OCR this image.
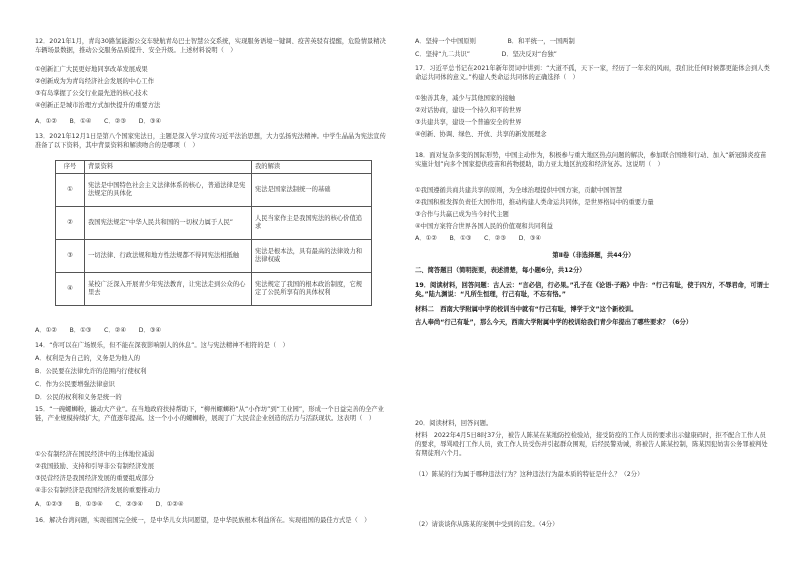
12．2021年1月，青岛30路氢能源公交车驶航青岛巴士智慧公交系统，实现服务语境一键调、疫苦英驳有提醒，危险情景精决车辆场景数据，推动公交服务品质提升、安全升级。上述材料说明（　）
①创新汇广大民更好地同享改革发展成果
②创新成为为青岛经济社会发展的中心工作
③有岛掌握了公交行业最先进的核心技术
④创新正是城市治理方式加快提升的重要方法
A．①②　　B．①④　　C．②③　　D．③④
13．2021年12月1日是第八个国家宪法日，主题是深入学习宣传习近平法治思想，大力弘扬宪法精神。中学生晶晶为宪法宣传准备了以下资料，其中背景资料和解读吻合的是哪项（　）
序号	背景资料	我的解读
①	宪法是中国特色社会主义法律体系的核心，普通法律是宪法规定的具体化	宪法是国家法制统一的基础
②	我国宪法规定“中华人民共和国的一切权力属于人民”	人民当家作主是我国宪法的核心价值追求
③	一切法律、行政法规和地方性法规都不得同宪法相抵触	宪法是根本法，具有最高的法律效力和法律权威
④	某校广泛深入开展青少年宪法教育，让宪法走到公众的心里去	宪法规定了我国的根本政治制度，它规定了公民所享有的具体权利
A．①②　　B．①③　　C．②④　　D．③④
14．“你可以在广场娱乐，但不能在深夜影响别人的休息”。这与宪法精神不相符的是（　）
A．权利是为自己的，义务是为他人的
B．公民要在法律允许的范围内行使权利
C．作为公民要增强法律意识
D．公民的权利和义务是统一的
15．“一碗螺蛳粉，撬动大产业”。在当地政府扶持帮助下，“柳州螺蛳粉”从“小作坊”到“工业园”，形成一个日益完善的全产业链，产业规模持续扩大，产值逐年提高。这一个小小的螺蛳粉，展现了广大民营企业创造的活力与活跃现状。这表明（　）
①公有制经济在国民经济中的主体地位减弱
②我国鼓励、支持和引导非公有制经济发展
③民营经济是我国经济发展的重要组成部分
④非公有制经济是我国经济发展的重要推动力
A．①②③　　B．①③④　　C．②③④　　D．①②④
16．解决台湾问题，实现祖国完全统一，是中华儿女共同愿望，是中华民族根本利益所在。实现祖国的最佳方式是（　）
A．坚持一个中国原则　　　　　B．和平统一，一国两制
C．坚持“九二共识”　　　　　D．坚决反对“台独”
17．习近平总书记在2021年新年贺词中讲到：“大道不孤，天下一家，经历了一年来的风雨，我们比任何时候都更能体会到人类命运共同体的意义。”构建人类命运共同体的正确选择（　）
①独善其身，减少与其他国家的接触
②对话协商，建设一个持久和平的世界
③共建共享，建设一个普遍安全的世界
④创新、协调、绿色、开放、共享的新发展理念
18．面对复杂多变的国际形势，中国主动作为，积极参与重大地区热点问题的解决，参加联合国维和行动、加入“新冠肺炎疫苗实施计划”向多个国家提供疫苗和药物援助，助力亚太地区抗疫和经济复苏。这说明（　）
①我国遵循共商共建共享的原则，为全球治理提供中国方案，贡献中国智慧
②我国积极发挥负责任大国作用，推动构建人类命运共同体，是世界格局中的重要力量
③合作与共赢已成为当今时代主题
④中国方案符合世界各国人民的价值观和共同利益
A．①②　　B．①③　　C．②③　　D．③④
第Ⅱ卷（非选择题，共44分）
二、简答题目（简明扼要，表述清楚，每小题6分，共12分）
19．阅读材料，回答问题：古人云：“言必信，行必果。”孔子在《论语·子路》中告：“行己有耻，使于四方，不辱君命，可谓士矣。”陆九渊说：“凡所生恒理，行己有耻，不忘有恪。”
材料二　西南大学附属中学的校训当中就有“行己有耻，博学于文”这个新校训。
古人奉尚“行己有耻”，那么今天，西南大学附属中学的校训给我们青少年提出了哪些要求？（6分）
20．阅读材料，回答问题。
材料　2022年4月5日8时37分，被告人陈某在某地防控检验站，接受防疫的工作人员的要求出示健康码时，拒不配合工作人员的要求，辱骂殴打工作人员，致工作人员受伤并引起群众围观，后经民警劝诫，将被告人陈某控制，陈某因犯妨害公务罪被判处有期徒刑六个月。
（1）陈某的行为属于哪种违法行为？这种违法行为最本质的特征是什么？（2分）
（2）请谈谈你从陈某的案例中受到的启发。（4分）
